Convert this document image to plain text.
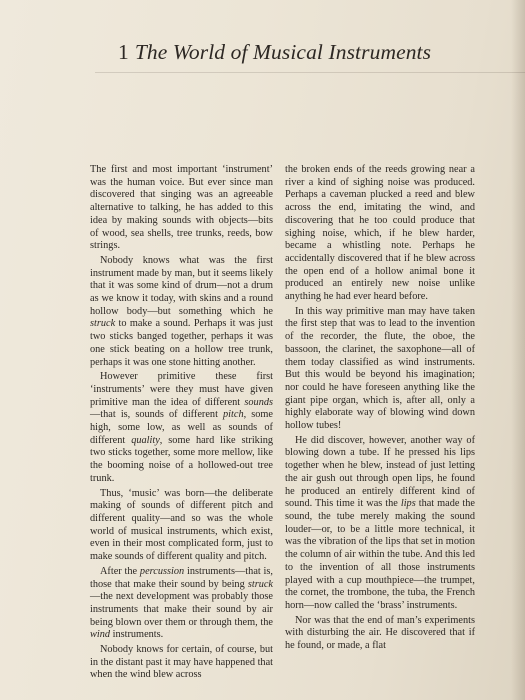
1 The World of Musical Instruments

The first and most important ‘instrument’ was the human voice. But ever since man discovered that singing was an agreeable alternative to talking, he has added to this idea by making sounds with objects—bits of wood, sea shells, tree trunks, reeds, bow strings.

Nobody knows what was the first instrument made by man, but it seems likely that it was some kind of drum—not a drum as we know it today, with skins and a round hollow body—but something which he struck to make a sound. Perhaps it was just two sticks banged together, perhaps it was one stick beating on a hollow tree trunk, perhaps it was one stone hitting another.

However primitive these first ‘instruments’ were they must have given primitive man the idea of different sounds—that is, sounds of different pitch, some high, some low, as well as sounds of different quality, some hard like striking two sticks together, some more mellow, like the booming noise of a hollowed-out tree trunk.

Thus, ‘music’ was born—the deliberate making of sounds of different pitch and different quality—and so was the whole world of musical instruments, which exist, even in their most complicated form, just to make sounds of different quality and pitch.

After the percussion instruments—that is, those that make their sound by being struck—the next development was probably those instruments that make their sound by air being blown over them or through them, the wind instruments.

Nobody knows for certain, of course, but in the distant past it may have happened that when the wind blew across

the broken ends of the reeds growing near a river a kind of sighing noise was produced. Perhaps a caveman plucked a reed and blew across the end, imitating the wind, and discovering that he too could produce that sighing noise, which, if he blew harder, became a whistling note. Perhaps he accidentally discovered that if he blew across the open end of a hollow animal bone it produced an entirely new noise unlike anything he had ever heard before.

In this way primitive man may have taken the first step that was to lead to the invention of the recorder, the flute, the oboe, the bassoon, the clarinet, the saxophone—all of them today classified as wind instruments. But this would be beyond his imagination; nor could he have foreseen anything like the giant pipe organ, which is, after all, only a highly elaborate way of blowing wind down hollow tubes!

He did discover, however, another way of blowing down a tube. If he pressed his lips together when he blew, instead of just letting the air gush out through open lips, he found he produced an entirely different kind of sound. This time it was the lips that made the sound, the tube merely making the sound louder—or, to be a little more technical, it was the vibration of the lips that set in motion the column of air within the tube. And this led to the invention of all those instruments played with a cup mouthpiece—the trumpet, the cornet, the trombone, the tuba, the French horn—now called the ‘brass’ instruments.

Nor was that the end of man’s experiments with disturbing the air. He discovered that if he found, or made, a flat
